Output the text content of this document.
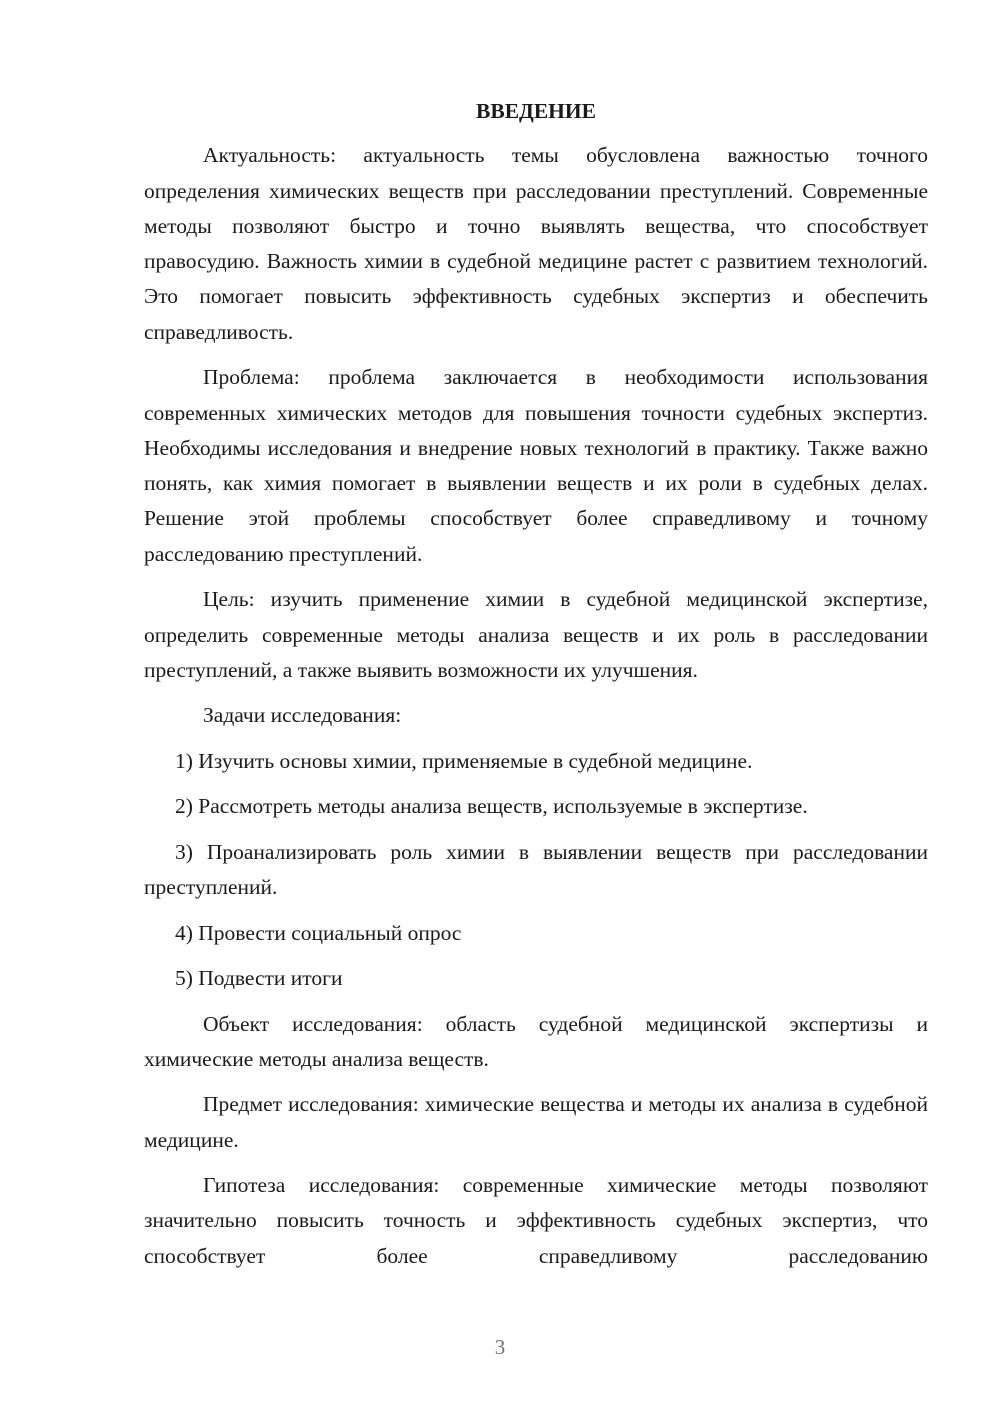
ВВЕДЕНИЕ

Актуальность: актуальность темы обусловлена важностью точного определения химических веществ при расследовании преступлений. Современные методы позволяют быстро и точно выявлять вещества, что способствует правосудию. Важность химии в судебной медицине растет с развитием технологий. Это помогает повысить эффективность судебных экспертиз и обеспечить справедливость.

Проблема: проблема заключается в необходимости использования современных химических методов для повышения точности судебных экспертиз. Необходимы исследования и внедрение новых технологий в практику. Также важно понять, как химия помогает в выявлении веществ и их роли в судебных делах. Решение этой проблемы способствует более справедливому и точному расследованию преступлений.

Цель: изучить применение химии в судебной медицинской экспертизе, определить современные методы анализа веществ и их роль в расследовании преступлений, а также выявить возможности их улучшения.

Задачи исследования:

1) Изучить основы химии, применяемые в судебной медицине.

2) Рассмотреть методы анализа веществ, используемые в экспертизе.

3) Проанализировать роль химии в выявлении веществ при расследовании преступлений.

4) Провести социальный опрос

5) Подвести итоги

Объект исследования: область судебной медицинской экспертизы и химические методы анализа веществ.

Предмет исследования: химические вещества и методы их анализа в судебной медицине.

Гипотеза исследования: современные химические методы позволяют значительно повысить точность и эффективность судебных экспертиз, что способствует более справедливому расследованию

3
